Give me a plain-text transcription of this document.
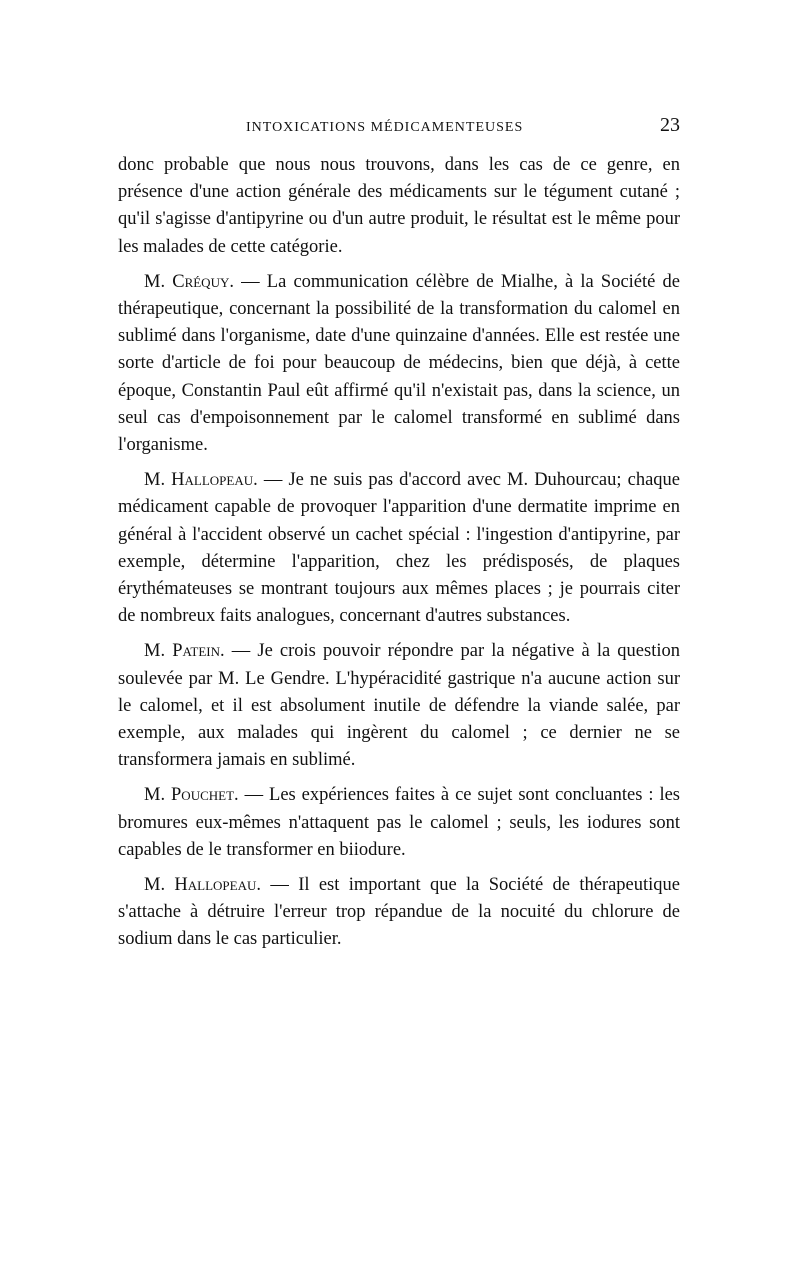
INTOXICATIONS MÉDICAMENTEUSES	23

donc probable que nous nous trouvons, dans les cas de ce genre, en présence d'une action générale des médicaments sur le tégument cutané ; qu'il s'agisse d'antipyrine ou d'un autre produit, le résultat est le même pour les malades de cette catégorie.

M. Créquy. — La communication célèbre de Mialhe, à la Société de thérapeutique, concernant la possibilité de la transformation du calomel en sublimé dans l'organisme, date d'une quinzaine d'années. Elle est restée une sorte d'article de foi pour beaucoup de médecins, bien que déjà, à cette époque, Constantin Paul eût affirmé qu'il n'existait pas, dans la science, un seul cas d'empoisonnement par le calomel transformé en sublimé dans l'organisme.

M. Hallopeau. — Je ne suis pas d'accord avec M. Duhourcau; chaque médicament capable de provoquer l'apparition d'une dermatite imprime en général à l'accident observé un cachet spécial : l'ingestion d'antipyrine, par exemple, détermine l'apparition, chez les prédisposés, de plaques érythémateuses se montrant toujours aux mêmes places ; je pourrais citer de nombreux faits analogues, concernant d'autres substances.

M. Patein. — Je crois pouvoir répondre par la négative à la question soulevée par M. Le Gendre. L'hypéracidité gastrique n'a aucune action sur le calomel, et il est absolument inutile de défendre la viande salée, par exemple, aux malades qui ingèrent du calomel ; ce dernier ne se transformera jamais en sublimé.

M. Pouchet. — Les expériences faites à ce sujet sont concluantes : les bromures eux-mêmes n'attaquent pas le calomel ; seuls, les iodures sont capables de le transformer en biiodure.

M. Hallopeau. — Il est important que la Société de thérapeutique s'attache à détruire l'erreur trop répandue de la nocuité du chlorure de sodium dans le cas particulier.
